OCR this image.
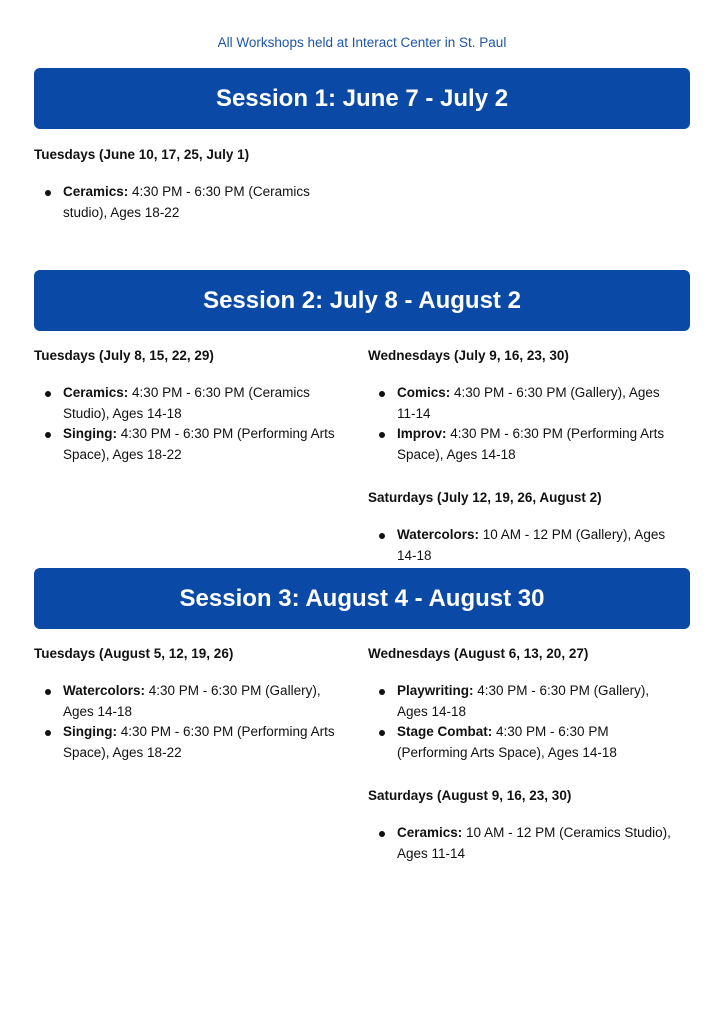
All Workshops held at Interact Center in St. Paul
Session 1: June 7 - July 2
Tuesdays (June 10, 17, 25, July 1)
Ceramics: 4:30 PM - 6:30 PM (Ceramics studio), Ages 18-22
Session 2: July 8 - August 2
Tuesdays (July 8, 15, 22, 29)
Ceramics: 4:30 PM - 6:30 PM (Ceramics Studio), Ages 14-18
Singing: 4:30 PM - 6:30 PM (Performing Arts Space), Ages 18-22
Wednesdays (July 9, 16, 23, 30)
Comics: 4:30 PM - 6:30 PM (Gallery), Ages 11-14
Improv: 4:30 PM - 6:30 PM (Performing Arts Space), Ages 14-18
Saturdays (July 12, 19, 26, August 2)
Watercolors: 10 AM - 12 PM (Gallery), Ages 14-18
Session 3: August 4 - August 30
Tuesdays (August 5, 12, 19, 26)
Watercolors: 4:30 PM - 6:30 PM (Gallery), Ages 14-18
Singing: 4:30 PM - 6:30 PM (Performing Arts Space), Ages 18-22
Wednesdays (August 6, 13, 20, 27)
Playwriting: 4:30 PM - 6:30 PM (Gallery), Ages 14-18
Stage Combat: 4:30 PM - 6:30 PM (Performing Arts Space), Ages 14-18
Saturdays (August 9, 16, 23, 30)
Ceramics: 10 AM - 12 PM (Ceramics Studio), Ages 11-14
